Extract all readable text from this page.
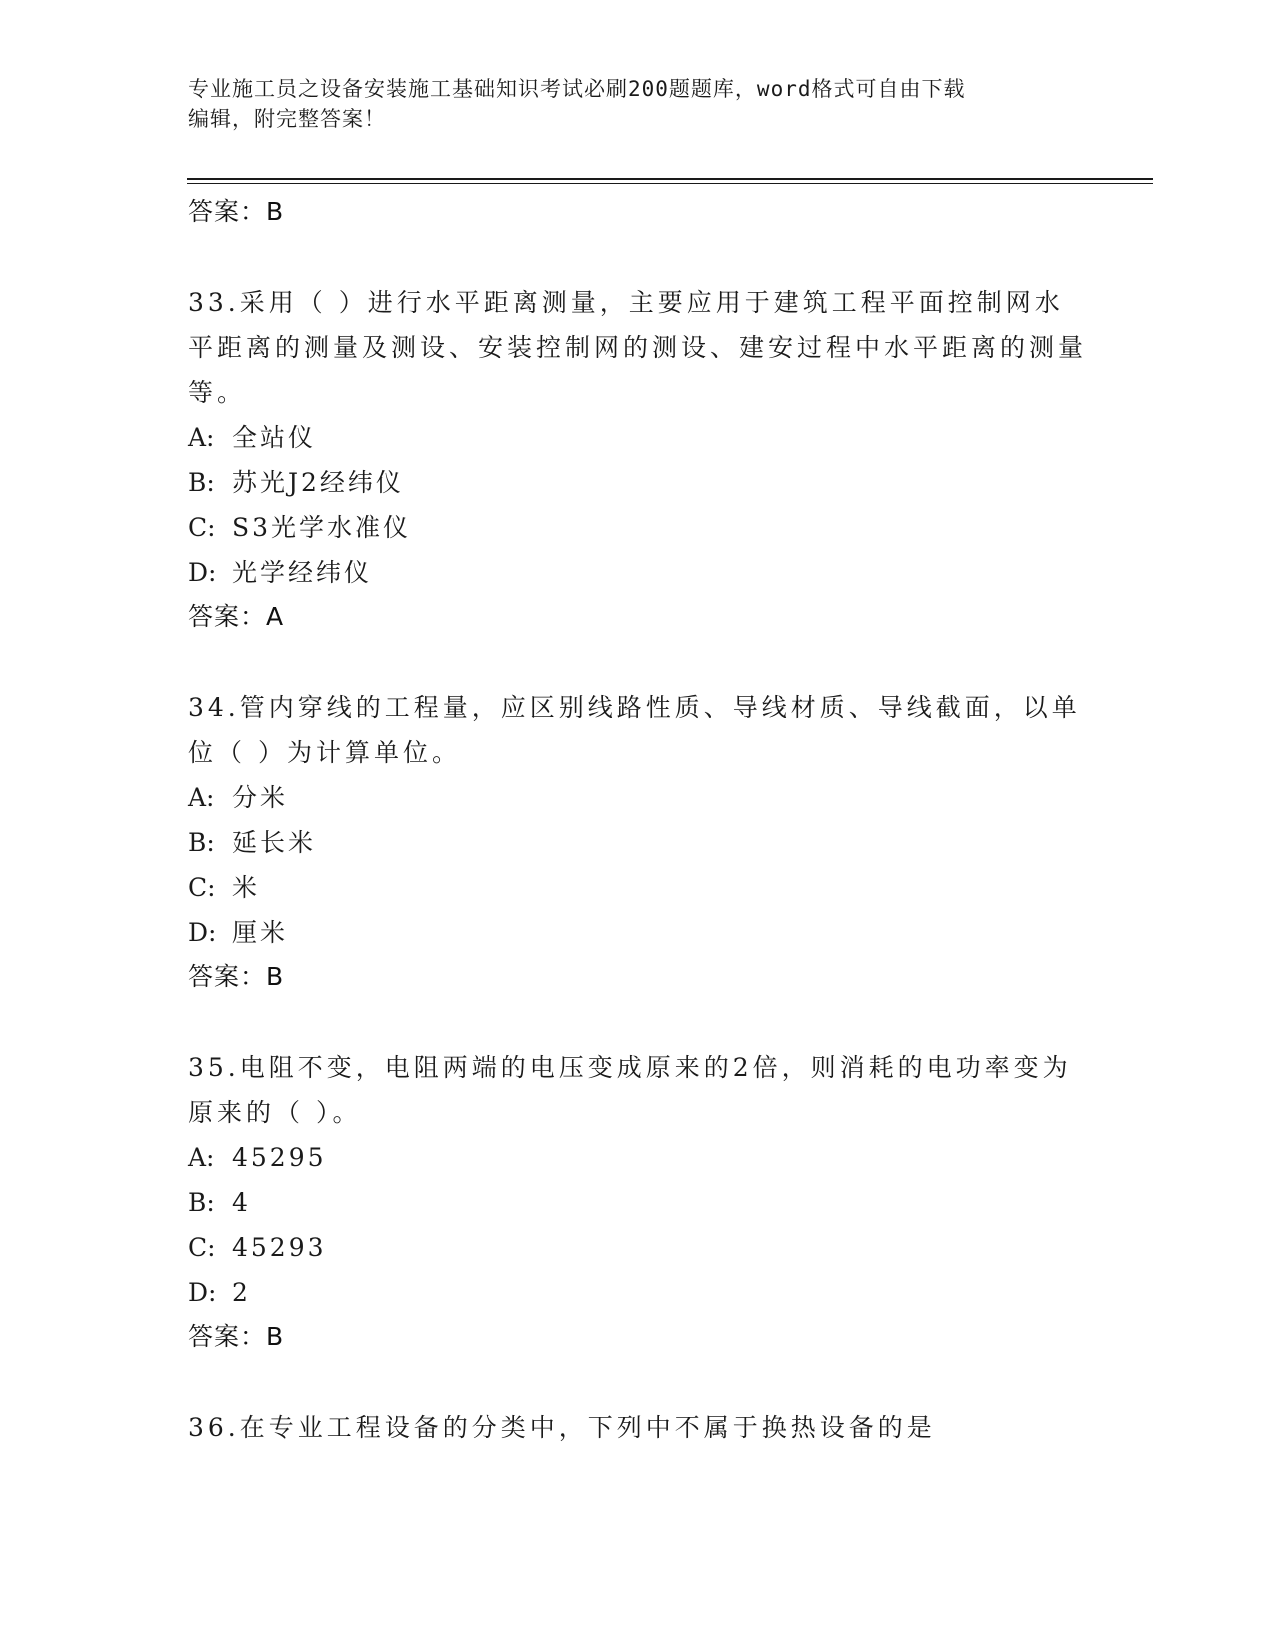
专业施工员之设备安装施工基础知识考试必刷200题题库，word格式可自由下载
编辑，附完整答案！
答案：B

33.采用（ ）进行水平距离测量，主要应用于建筑工程平面控制网水平距离的测量及测设、安装控制网的测设、建安过程中水平距离的测量等。

A: 全站仪
B: 苏光J2经纬仪
C: S3光学水准仪
D: 光学经纬仪
答案：A

34.管内穿线的工程量，应区别线路性质、导线材质、导线截面，以单位（ ）为计算单位。

A: 分米
B: 延长米
C: 米
D: 厘米
答案：B

35.电阻不变，电阻两端的电压变成原来的2倍，则消耗的电功率变为原来的（ ）。

A: 45295
B: 4
C: 45293
D: 2
答案：B

36.在专业工程设备的分类中，下列中不属于换热设备的是
